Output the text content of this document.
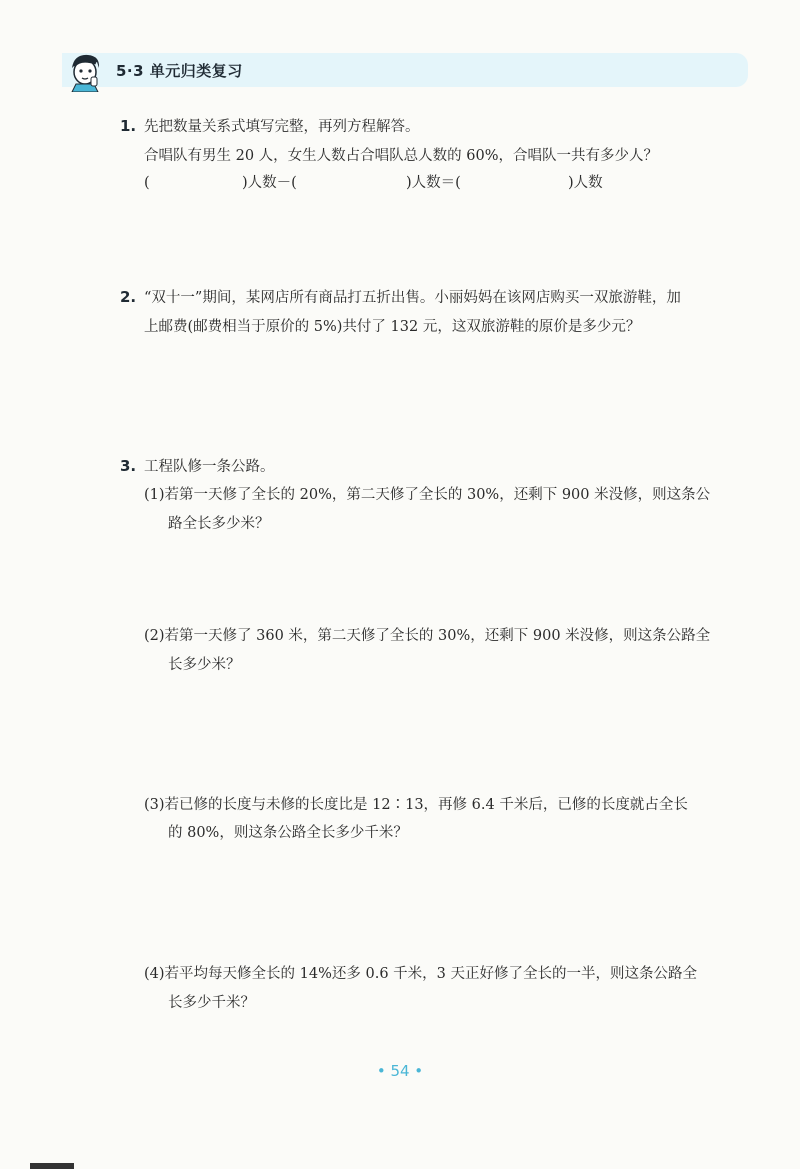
5·3 单元归类复习
1. 先把数量关系式填写完整，再列方程解答。
合唱队有男生 20 人，女生人数占合唱队总人数的 60%，合唱队一共有多少人？
(	)人数－(	)人数＝(	)人数
2. “双十一”期间，某网店所有商品打五折出售。小丽妈妈在该网店购买一双旅游鞋，加
上邮费(邮费相当于原价的 5%)共付了 132 元，这双旅游鞋的原价是多少元？
3. 工程队修一条公路。
(1)若第一天修了全长的 20%，第二天修了全长的 30%，还剩下 900 米没修，则这条公
路全长多少米？
(2)若第一天修了 360 米，第二天修了全长的 30%，还剩下 900 米没修，则这条公路全
长多少米？
(3)若已修的长度与未修的长度比是 12∶13，再修 6.4 千米后，已修的长度就占全长
的 80%，则这条公路全长多少千米？
(4)若平均每天修全长的 14%还多 0.6 千米，3 天正好修了全长的一半，则这条公路全
长多少千米？
• 54 •
